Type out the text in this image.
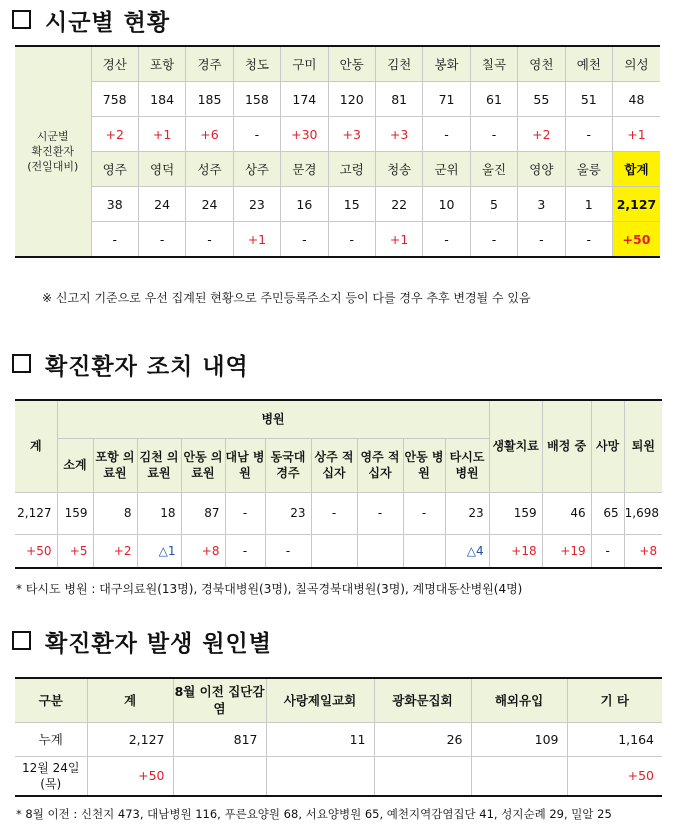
시군별 현황
시군별
확진환자
(전일대비)	경산	포항	경주	청도	구미	안동	김천	봉화	칠곡	영천	예천	의성
	758	184	185	158	174	120	81	71	61	55	51	48
	+2	+1	+6	-	+30	+3	+3	-	-	+2	-	+1
	영주	영덕	성주	상주	문경	고령	청송	군위	울진	영양	울릉	합계
	38	24	24	23	16	15	22	10	5	3	1	2,127
	-	-	-	+1	-	-	+1	-	-	-	-	+50
※ 신고지 기준으로 우선 집계된 현황으로 주민등록주소지 등이 다를 경우 추후 변경될 수 있음
확진환자 조치 내역
계	병원										생활치료	배정 중	사망	퇴원
	소계	포항 의료원	김천 의료원	안동 의료원	대남 병원	동국대 경주	상주 적십자	영주 적십자	안동 병원	타시도 병원				
2,127	159	8	18	87	-	23	-	-	-	23	159	46	65	1,698
+50	+5	+2	△1	+8	-	-				△4	+18	+19	-	+8
* 타시도 병원 : 대구의료원(13명), 경북대병원(3명), 칠곡경북대병원(3명), 계명대동산병원(4명)
확진환자 발생 원인별
구분	계	8월 이전 집단감염	사랑제일교회	광화문집회	해외유입	기 타
누계	2,127	817	11	26	109	1,164
12월 24일 (목)	+50					+50
* 8월 이전 : 신천지 473, 대남병원 116, 푸른요양원 68, 서요양병원 65, 예천지역감염집단 41, 성지순례 29, 밀알 25
